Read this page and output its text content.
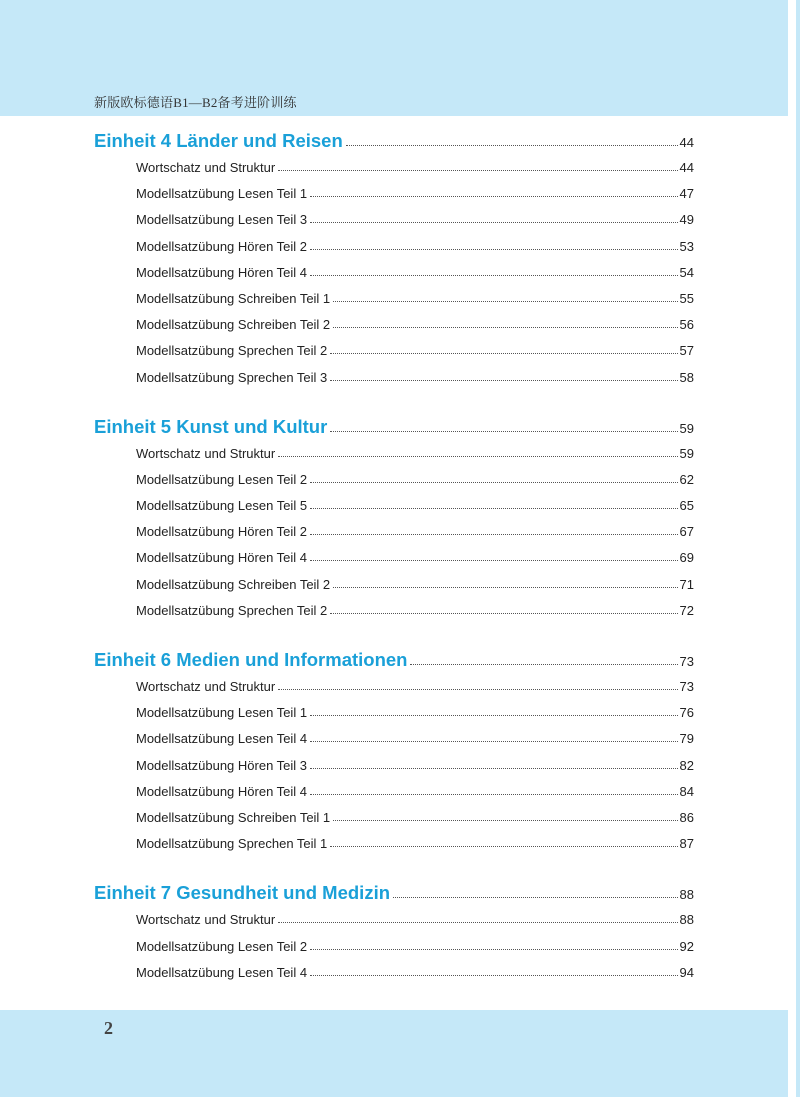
新版欧标德语B1—B2备考进阶训练
Einheit 4 Länder und Reisen	44
Wortschatz und Struktur	44
Modellsatzübung Lesen Teil 1	47
Modellsatzübung Lesen Teil 3	49
Modellsatzübung Hören Teil 2	53
Modellsatzübung Hören Teil 4	54
Modellsatzübung Schreiben Teil 1	55
Modellsatzübung Schreiben Teil 2	56
Modellsatzübung Sprechen Teil 2	57
Modellsatzübung Sprechen Teil 3	58
Einheit 5 Kunst und Kultur	59
Wortschatz und Struktur	59
Modellsatzübung Lesen Teil 2	62
Modellsatzübung Lesen Teil 5	65
Modellsatzübung Hören Teil 2	67
Modellsatzübung Hören Teil 4	69
Modellsatzübung Schreiben Teil 2	71
Modellsatzübung Sprechen Teil 2	72
Einheit 6 Medien und Informationen	73
Wortschatz und Struktur	73
Modellsatzübung Lesen Teil 1	76
Modellsatzübung Lesen Teil 4	79
Modellsatzübung Hören Teil 3	82
Modellsatzübung Hören Teil 4	84
Modellsatzübung Schreiben Teil 1	86
Modellsatzübung Sprechen Teil 1	87
Einheit 7 Gesundheit und Medizin	88
Wortschatz und Struktur	88
Modellsatzübung Lesen Teil 2	92
Modellsatzübung Lesen Teil 4	94
2
